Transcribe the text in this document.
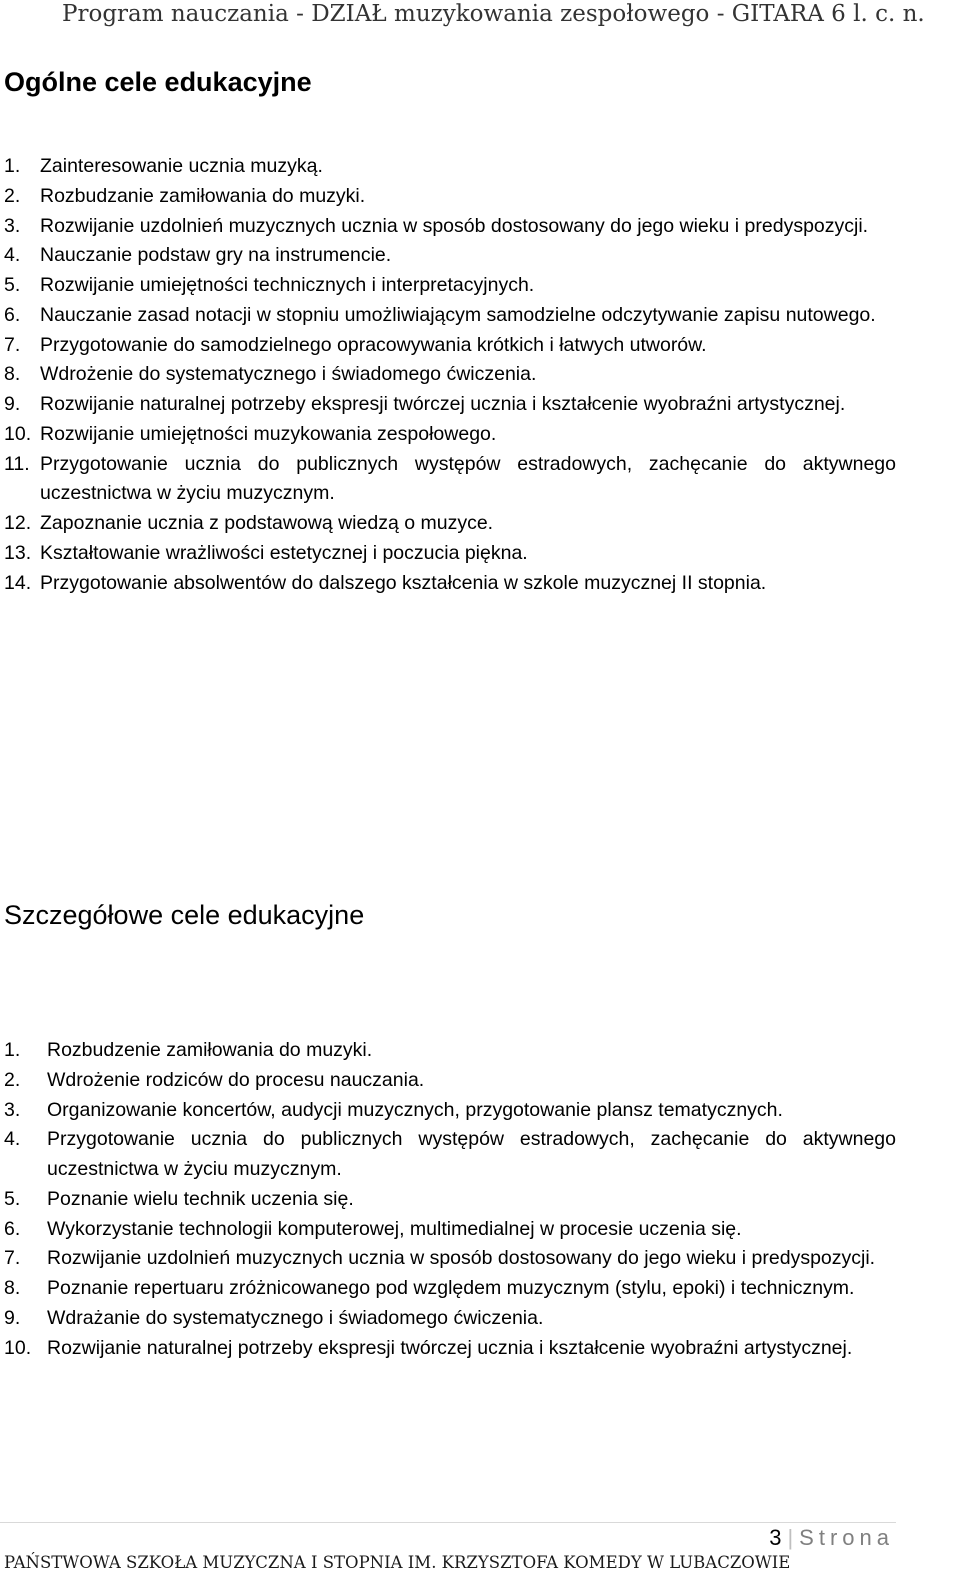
Program nauczania - DZIAŁ muzykowania zespołowego - GITARA 6 l. c. n.
Ogólne cele edukacyjne
1.	Zainteresowanie ucznia muzyką.
2.	Rozbudzanie zamiłowania do muzyki.
3.	Rozwijanie uzdolnień muzycznych ucznia w sposób dostosowany do jego wieku i predyspozycji.
4.	Nauczanie podstaw gry na instrumencie.
5.	Rozwijanie umiejętności technicznych i interpretacyjnych.
6.	Nauczanie zasad notacji w stopniu umożliwiającym samodzielne odczytywanie zapisu nutowego.
7.	Przygotowanie do samodzielnego opracowywania krótkich i łatwych utworów.
8.	Wdrożenie do systematycznego i świadomego ćwiczenia.
9.	Rozwijanie naturalnej potrzeby ekspresji twórczej ucznia i kształcenie wyobraźni artystycznej.
10. Rozwijanie umiejętności muzykowania zespołowego.
11. Przygotowanie ucznia do publicznych występów estradowych, zachęcanie do aktywnego uczestnictwa w życiu muzycznym.
12. Zapoznanie ucznia z podstawową wiedzą o muzyce.
13. Kształtowanie wrażliwości estetycznej i poczucia piękna.
14. Przygotowanie absolwentów do dalszego kształcenia w szkole muzycznej II stopnia.
Szczegółowe cele edukacyjne
1.	Rozbudzenie zamiłowania do muzyki.
2.	Wdrożenie rodziców do procesu nauczania.
3.	Organizowanie koncertów, audycji muzycznych, przygotowanie plansz tematycznych.
4.	Przygotowanie ucznia do publicznych występów estradowych, zachęcanie do aktywnego uczestnictwa w życiu muzycznym.
5.	Poznanie wielu technik uczenia się.
6.	Wykorzystanie technologii komputerowej, multimedialnej w procesie uczenia się.
7.	Rozwijanie uzdolnień muzycznych ucznia w sposób dostosowany do jego wieku i predyspozycji.
8.	Poznanie repertuaru zróżnicowanego pod względem muzycznym (stylu, epoki) i technicznym.
9.	Wdrażanie do systematycznego i świadomego ćwiczenia.
10. Rozwijanie naturalnej potrzeby ekspresji twórczej ucznia i kształcenie wyobraźni artystycznej.
3 | Strona
PAŃSTWOWA SZKOŁA MUZYCZNA I STOPNIA IM. KRZYSZTOFA KOMEDY W LUBACZOWIE
